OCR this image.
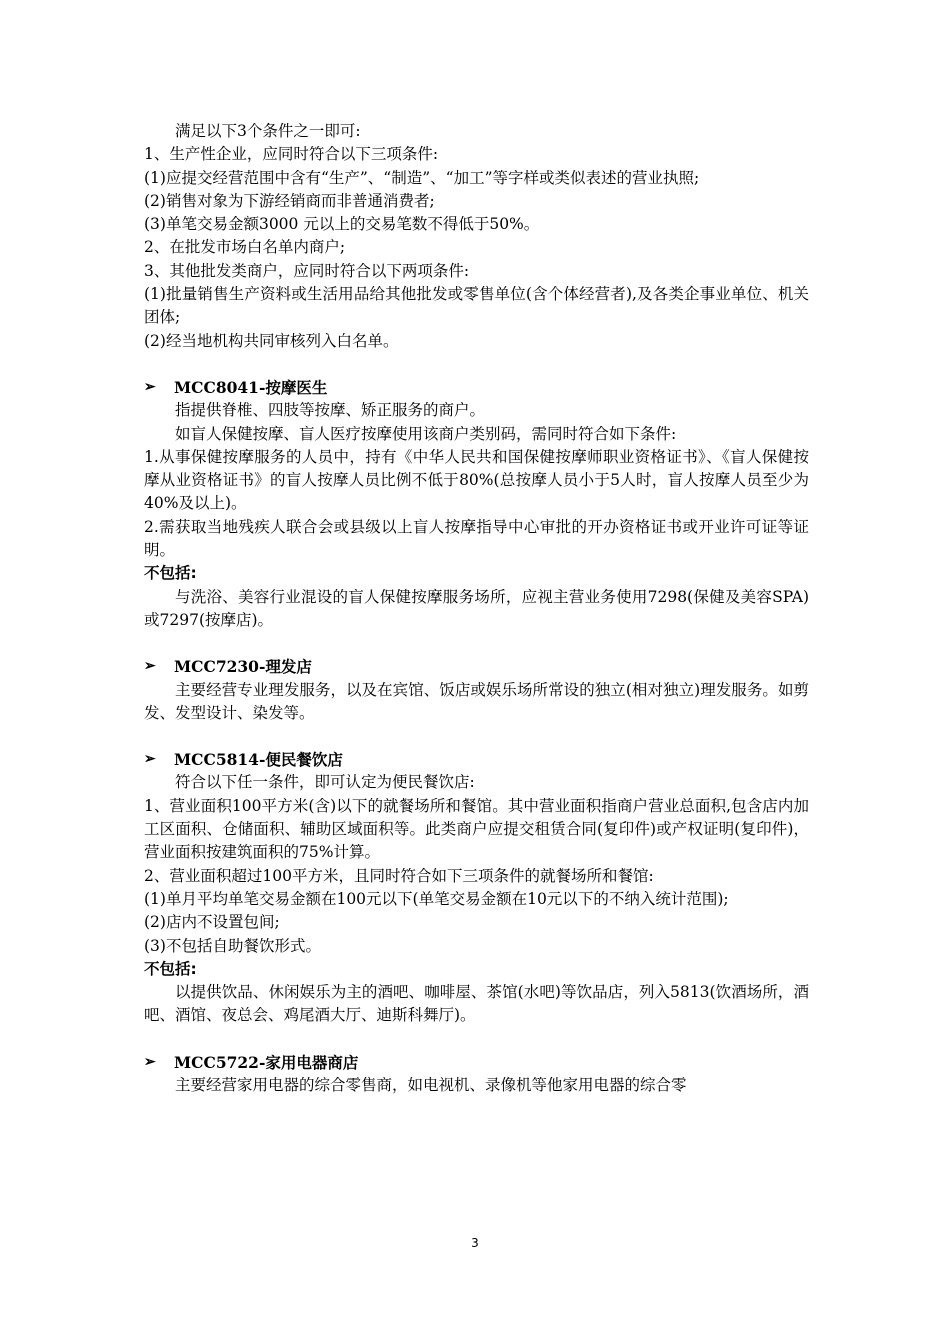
满足以下3个条件之一即可:

1、生产性企业，应同时符合以下三项条件:

(1)应提交经营范围中含有“生产”、“制造”、“加工”等字样或类似表述的营业执照;

(2)销售对象为下游经销商而非普通消费者;

(3)单笔交易金额3000 元以上的交易笔数不得低于50%。

2、在批发市场白名单内商户;

3、其他批发类商户，应同时符合以下两项条件:

(1)批量销售生产资料或生活用品给其他批发或零售单位(含个体经营者),及各类企事业单位、机关团体;

(2)经当地机构共同审核列入白名单。

➢	MCC8041-按摩医生

指提供脊椎、四肢等按摩、矫正服务的商户。

如盲人保健按摩、盲人医疗按摩使用该商户类别码，需同时符合如下条件:

1.从事保健按摩服务的人员中，持有《中华人民共和国保健按摩师职业资格证书》、《盲人保健按摩从业资格证书》的盲人按摩人员比例不低于80%(总按摩人员小于5人时，盲人按摩人员至少为40%及以上)。

2.需获取当地残疾人联合会或县级以上盲人按摩指导中心审批的开办资格证书或开业许可证等证明。

不包括:

与洗浴、美容行业混设的盲人保健按摩服务场所，应视主营业务使用7298(保健及美容SPA)或7297(按摩店)。

➢	MCC7230-理发店

主要经营专业理发服务，以及在宾馆、饭店或娱乐场所常设的独立(相对独立)理发服务。如剪发、发型设计、染发等。

➢	MCC5814-便民餐饮店

符合以下任一条件，即可认定为便民餐饮店:

1、营业面积100平方米(含)以下的就餐场所和餐馆。其中营业面积指商户营业总面积,包含店内加工区面积、仓储面积、辅助区域面积等。此类商户应提交租赁合同(复印件)或产权证明(复印件)，营业面积按建筑面积的75%计算。

2、营业面积超过100平方米，且同时符合如下三项条件的就餐场所和餐馆:

(1)单月平均单笔交易金额在100元以下(单笔交易金额在10元以下的不纳入统计范围);

(2)店内不设置包间;

(3)不包括自助餐饮形式。

不包括:

以提供饮品、休闲娱乐为主的酒吧、咖啡屋、茶馆(水吧)等饮品店，列入5813(饮酒场所，酒吧、酒馆、夜总会、鸡尾酒大厅、迪斯科舞厅)。

➢	MCC5722-家用电器商店

主要经营家用电器的综合零售商，如电视机、录像机等他家用电器的综合零

3
